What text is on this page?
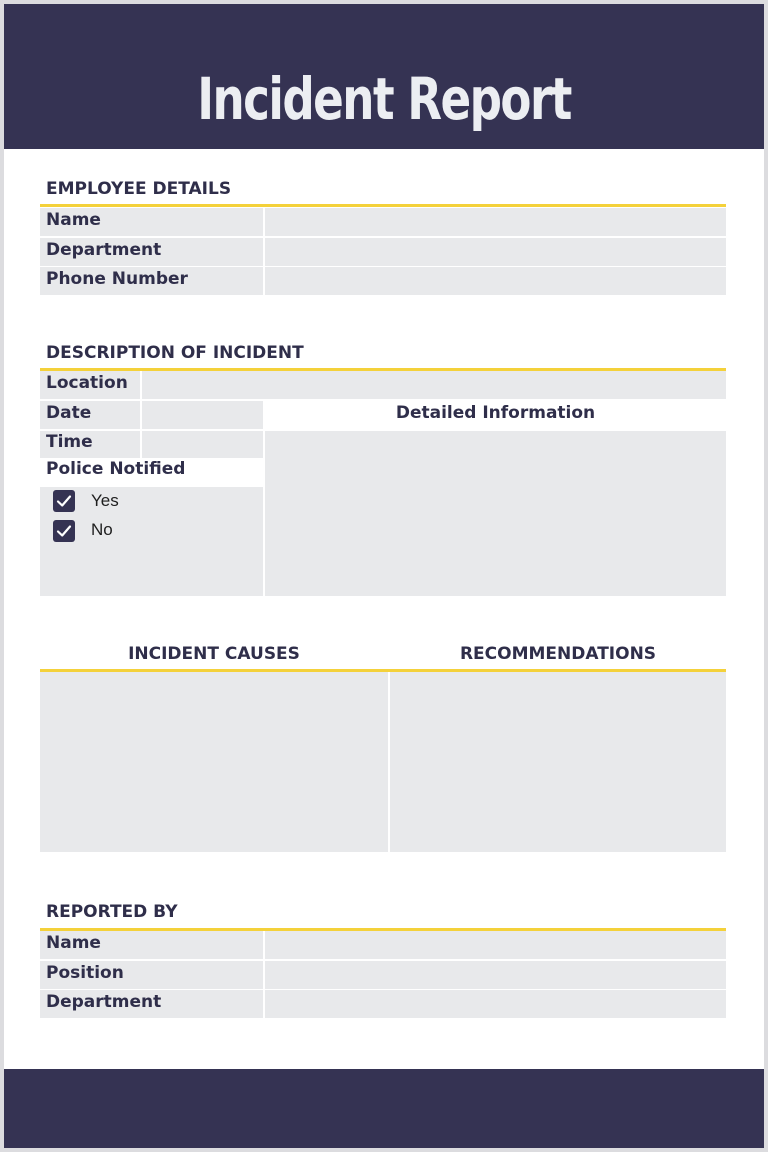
Incident Report
EMPLOYEE DETAILS
Name
Department
Phone Number
DESCRIPTION OF INCIDENT
Location
Date
Time
Police Notified
Yes
No
Detailed Information
INCIDENT CAUSES	RECOMMENDATIONS
REPORTED BY
Name
Position
Department
